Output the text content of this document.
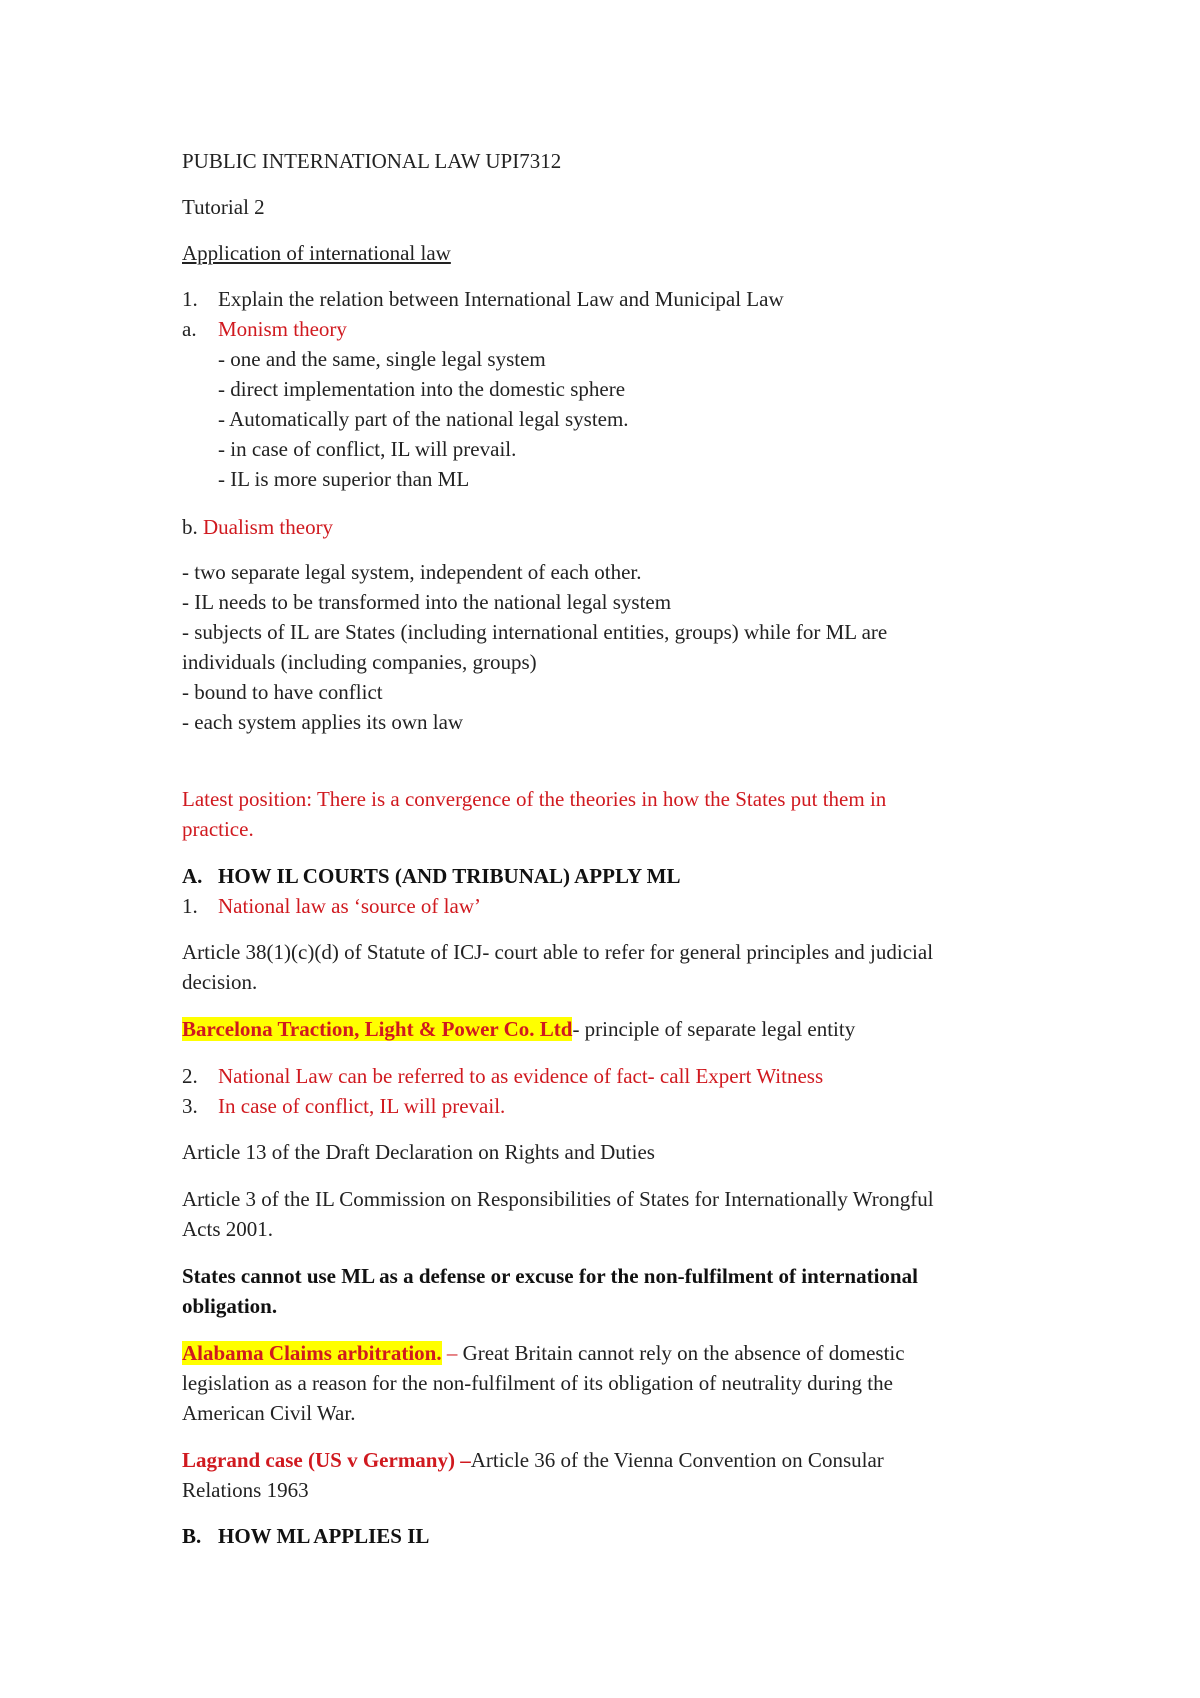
PUBLIC INTERNATIONAL LAW UPI7312
Tutorial 2
Application of international law
1. Explain the relation between International Law and Municipal Law
a. Monism theory
- one and the same, single legal system
- direct implementation into the domestic sphere
- Automatically part of the national legal system.
- in case of conflict, IL will prevail.
- IL is more superior than ML
b. Dualism theory
- two separate legal system, independent of each other.
- IL needs to be transformed into the national legal system
- subjects of IL are States (including international entities, groups) while for ML are
individuals (including companies, groups)
- bound to have conflict
- each system applies its own law
Latest position: There is a convergence of the theories in how the States put them in
practice.
A. HOW IL COURTS (AND TRIBUNAL) APPLY ML
1. National law as ‘source of law’
Article 38(1)(c)(d) of Statute of ICJ- court able to refer for general principles and judicial
decision.
Barcelona Traction, Light & Power Co. Ltd- principle of separate legal entity
2. National Law can be referred to as evidence of fact- call Expert Witness
3. In case of conflict, IL will prevail.
Article 13 of the Draft Declaration on Rights and Duties
Article 3 of the IL Commission on Responsibilities of States for Internationally Wrongful
Acts 2001.
States cannot use ML as a defense or excuse for the non-fulfilment of international
obligation.
Alabama Claims arbitration. – Great Britain cannot rely on the absence of domestic
legislation as a reason for the non-fulfilment of its obligation of neutrality during the
American Civil War.
Lagrand case (US v Germany) –Article 36 of the Vienna Convention on Consular
Relations 1963
B. HOW ML APPLIES IL
